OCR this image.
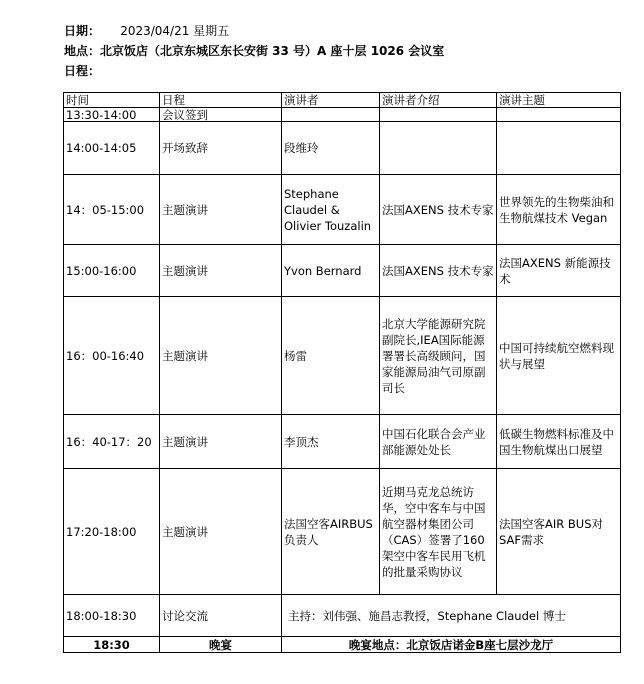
日期： 2023/04/21 星期五
地点：北京饭店（北京东城区东长安街 33 号）A 座十层 1026 会议室
日程：
时间	日程	演讲者	演讲者介绍	演讲主题
13:30-14:00	会议签到			
14:00-14:05	开场致辞	段维玲		
14：05-15:00	主题演讲	Stephane Claudel & Olivier Touzalin	法国AXENS 技术专家	世界领先的生物柴油和生物航煤技术 Vegan
15:00-16:00	主题演讲	Yvon Bernard	法国AXENS 技术专家	法国AXENS 新能源技术
16：00-16:40	主题演讲	杨雷	北京大学能源研究院副院长,IEA国际能源署署长高级顾问，国家能源局油气司原副司长	中国可持续航空燃料现状与展望
16：40-17：20	主题演讲	李顶杰	中国石化联合会产业部能源处处长	低碳生物燃料标准及中国生物航煤出口展望
17:20-18:00	主题演讲	法国空客AIRBUS负责人	近期马克龙总统访华，空中客车与中国航空器材集团公司（CAS）签署了160架空中客车民用飞机的批量采购协议	法国空客AIR BUS对SAF需求
18:00-18:30	讨论交流	主持：刘伟强、施昌志教授，Stephane Claudel 博士		
18:30	晚宴	晚宴地点：北京饭店诺金B座七层沙龙厅		
